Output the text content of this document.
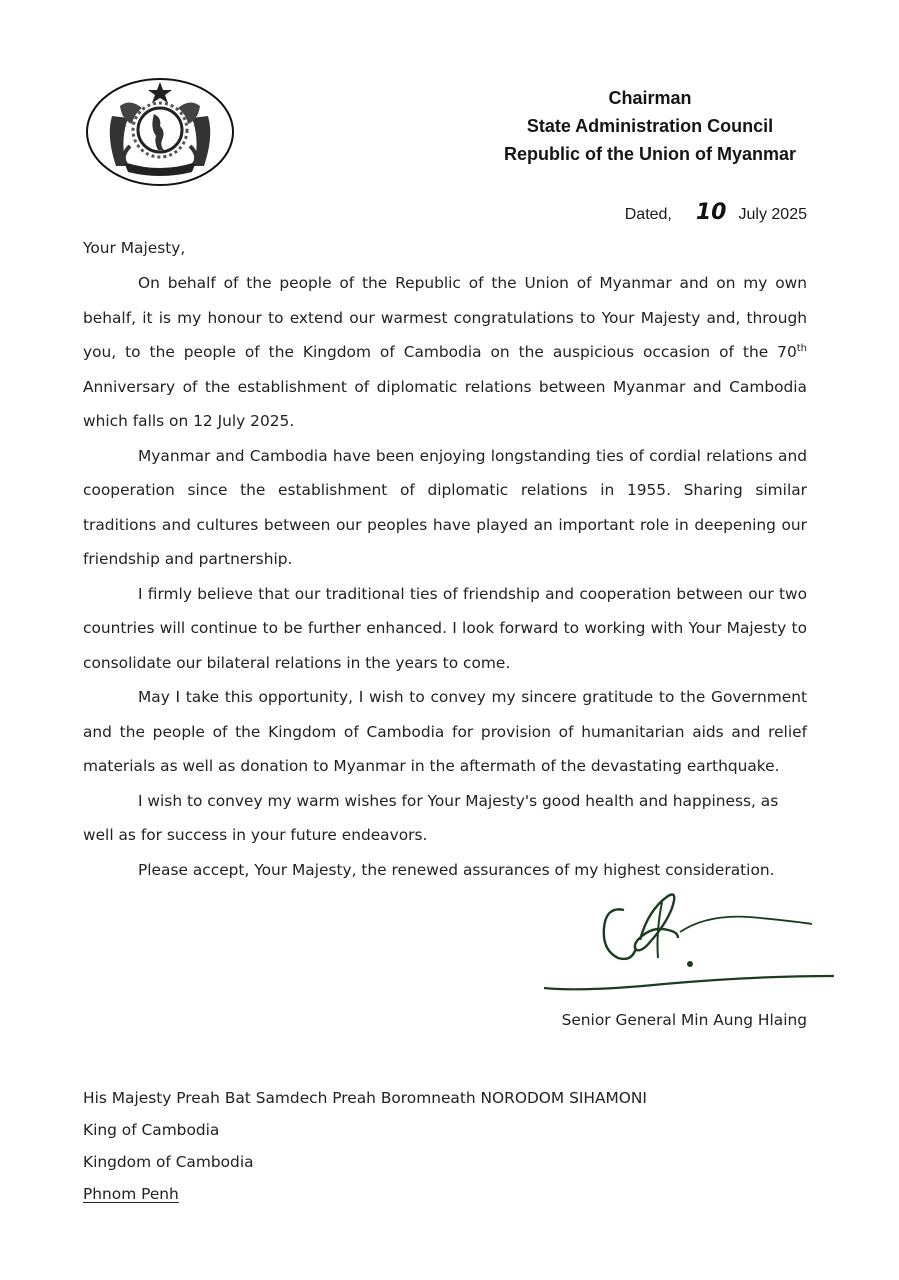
Chairman
State Administration Council
Republic of the Union of Myanmar
Dated, 10 July 2025

Your Majesty,

On behalf of the people of the Republic of the Union of Myanmar and on my own behalf, it is my honour to extend our warmest congratulations to Your Majesty and, through you, to the people of the Kingdom of Cambodia on the auspicious occasion of the 70th Anniversary of the establishment of diplomatic relations between Myanmar and Cambodia which falls on 12 July 2025.

Myanmar and Cambodia have been enjoying longstanding ties of cordial relations and cooperation since the establishment of diplomatic relations in 1955. Sharing similar traditions and cultures between our peoples have played an important role in deepening our friendship and partnership.

I firmly believe that our traditional ties of friendship and cooperation between our two countries will continue to be further enhanced. I look forward to working with Your Majesty to consolidate our bilateral relations in the years to come.

May I take this opportunity, I wish to convey my sincere gratitude to the Government and the people of the Kingdom of Cambodia for provision of humanitarian aids and relief materials as well as donation to Myanmar in the aftermath of the devastating earthquake.

I wish to convey my warm wishes for Your Majesty's good health and happiness, as well as for success in your future endeavors.

Please accept, Your Majesty, the renewed assurances of my highest consideration.

Senior General Min Aung Hlaing
His Majesty Preah Bat Samdech Preah Boromneath NORODOM SIHAMONI
King of Cambodia
Kingdom of Cambodia
Phnom Penh
